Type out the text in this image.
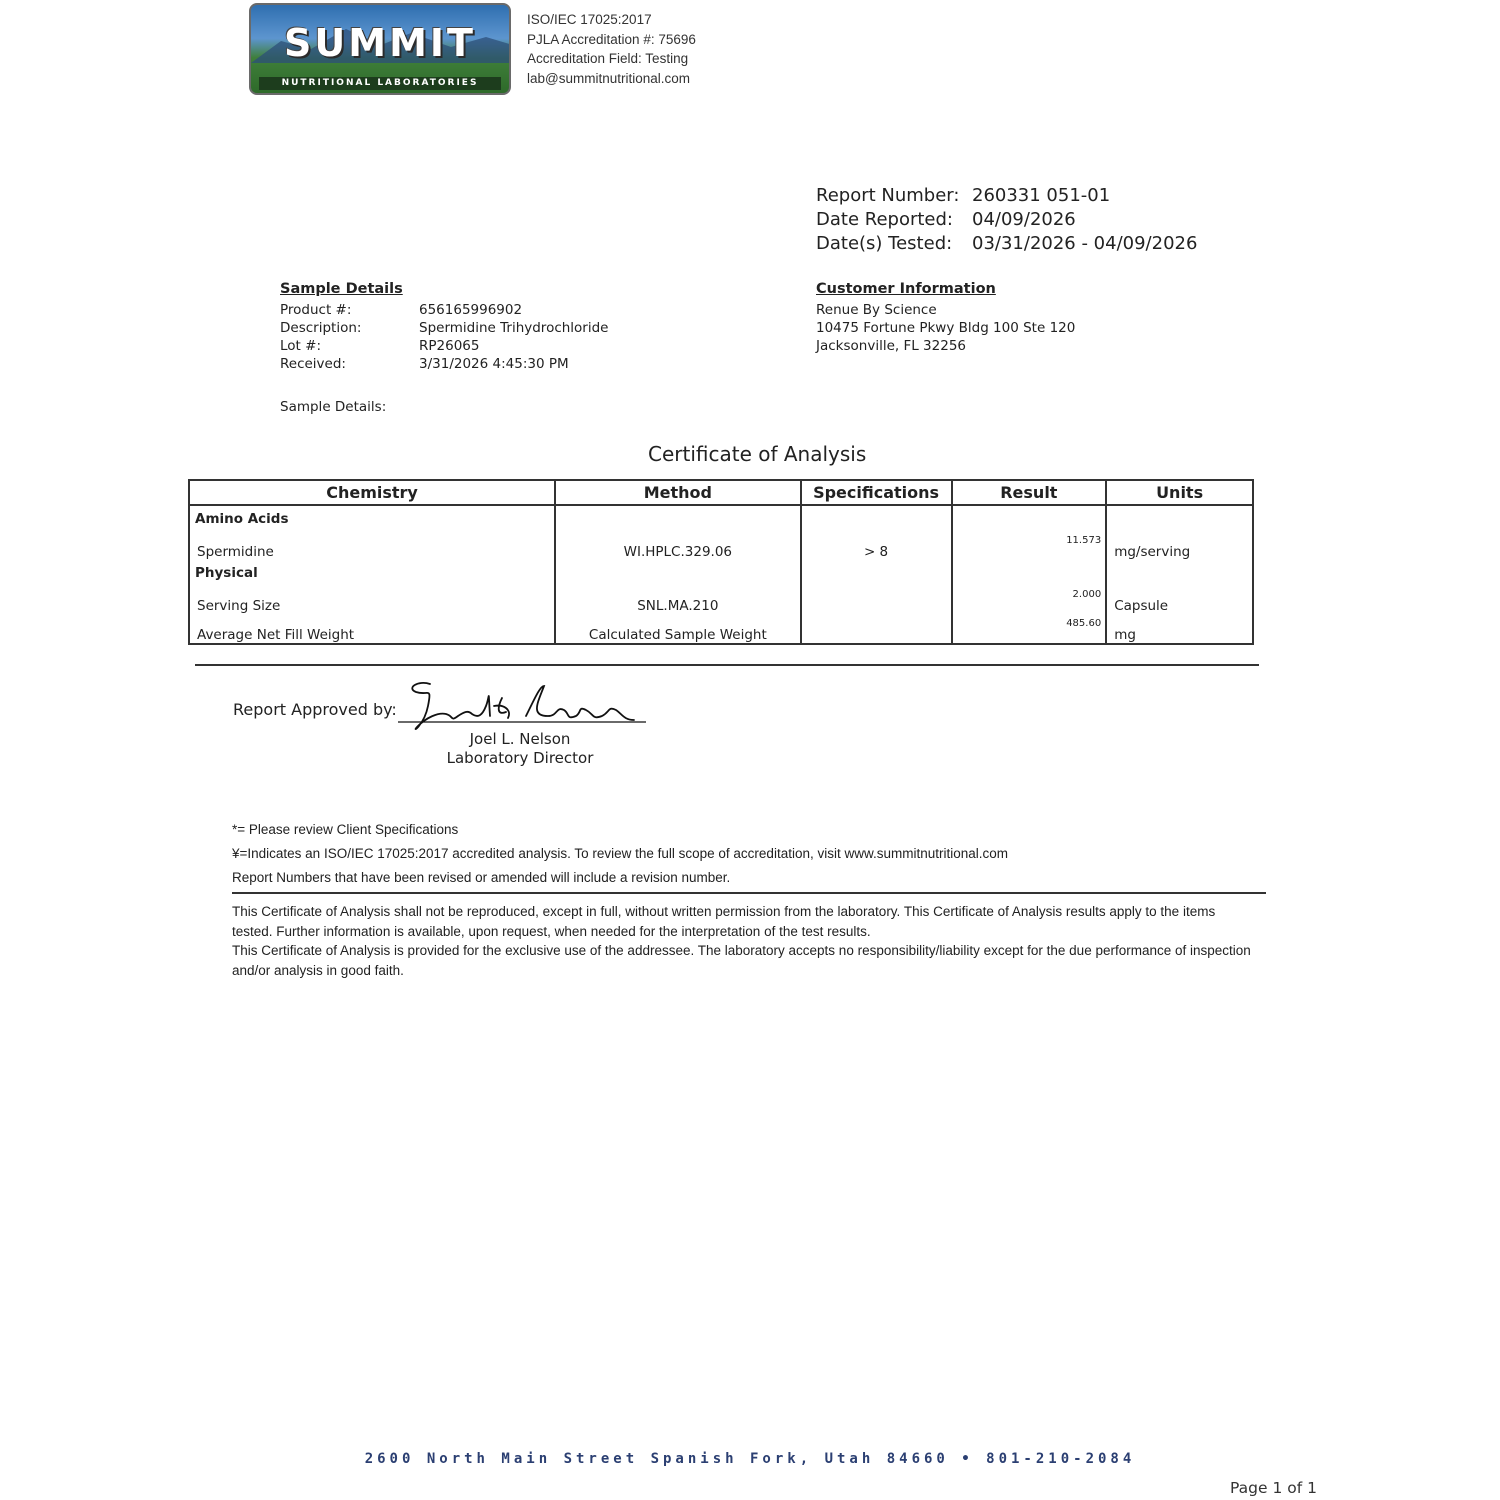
SUMMIT
NUTRITIONAL LABORATORIES
ISO/IEC 17025:2017
PJLA Accreditation #: 75696
Accreditation Field: Testing
lab@summitnutritional.com
Report Number: 260331 051-01
Date Reported:	04/09/2026
Date(s) Tested:	03/31/2026 - 04/09/2026
Sample Details
Product #:	656165996902
Description:	Spermidine Trihydrochloride
Lot #:	RP26065
Received:	3/31/2026 4:45:30 PM
Sample Details:
Customer Information
Renue By Science
10475 Fortune Pkwy Bldg 100 Ste 120
Jacksonville, FL 32256
Certificate of Analysis
Chemistry	Method	Specifications	Result	Units
Amino Acids				
Spermidine	WI.HPLC.329.06	> 8	11.573	mg/serving
Physical				
Serving Size	SNL.MA.210		2.000	Capsule
Average Net Fill Weight	Calculated Sample Weight		485.60	mg
Report Approved by:
Joel L. Nelson
Laboratory Director
*= Please review Client Specifications
¥=Indicates an ISO/IEC 17025:2017 accredited analysis. To review the full scope of accreditation, visit www.summitnutritional.com
Report Numbers that have been revised or amended will include a revision number.
This Certificate of Analysis shall not be reproduced, except in full, without written permission from the laboratory. This Certificate of Analysis results apply to the items tested. Further information is available, upon request, when needed for the interpretation of the test results.
This Certificate of Analysis is provided for the exclusive use of the addressee. The laboratory accepts no responsibility/liability except for the due performance of inspection and/or analysis in good faith.
2600 North Main Street Spanish Fork, Utah 84660 • 801-210-2084
Page 1 of 1
